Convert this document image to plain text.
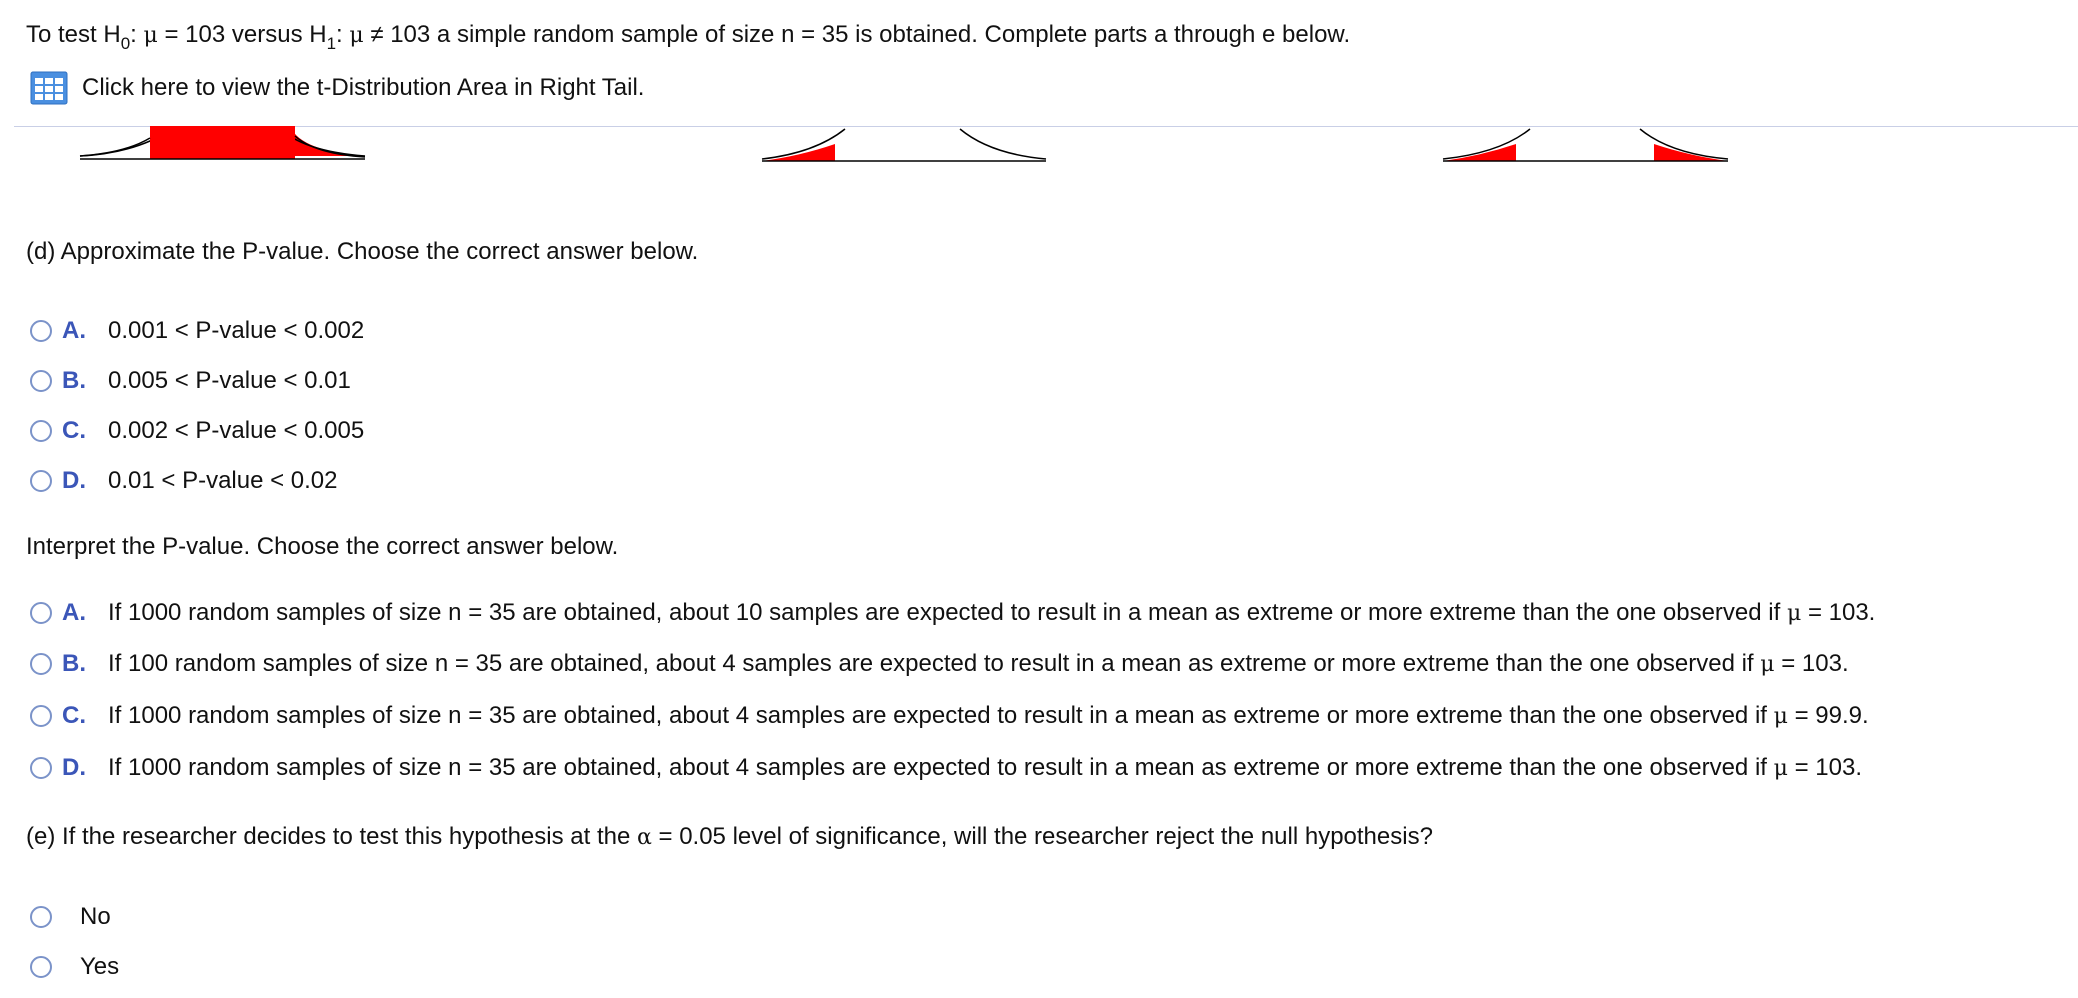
To test $H_0$: μ = 103 versus $H_1$: μ ≠ 103 a simple random sample of size n = 35 is obtained. Complete parts a through e below.
Click here to view the t-Distribution Area in Right Tail.
(d) Approximate the P-value. Choose the correct answer below.
A. 0.001 < P-value < 0.002
B. 0.005 < P-value < 0.01
C. 0.002 < P-value < 0.005
D. 0.01 < P-value < 0.02
Interpret the P-value. Choose the correct answer below.
A. If 1000 random samples of size n = 35 are obtained, about 10 samples are expected to result in a mean as extreme or more extreme than the one observed if μ = 103.
B. If 100 random samples of size n = 35 are obtained, about 4 samples are expected to result in a mean as extreme or more extreme than the one observed if μ = 103.
C. If 1000 random samples of size n = 35 are obtained, about 4 samples are expected to result in a mean as extreme or more extreme than the one observed if μ = 99.9.
D. If 1000 random samples of size n = 35 are obtained, about 4 samples are expected to result in a mean as extreme or more extreme than the one observed if μ = 103.
(e) If the researcher decides to test this hypothesis at the α = 0.05 level of significance, will the researcher reject the null hypothesis?
No
Yes
